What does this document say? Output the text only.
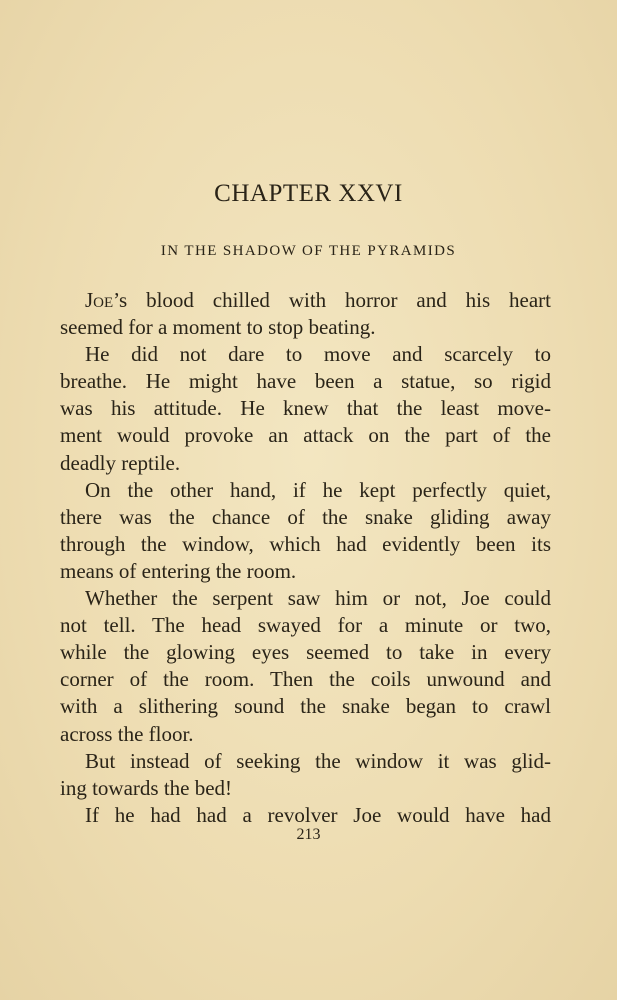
CHAPTER XXVI
IN THE SHADOW OF THE PYRAMIDS
Joe’s blood chilled with horror and his heart
seemed for a moment to stop beating.
He did not dare to move and scarcely to
breathe. He might have been a statue, so rigid
was his attitude. He knew that the least move-
ment would provoke an attack on the part of the
deadly reptile.
On the other hand, if he kept perfectly quiet,
there was the chance of the snake gliding away
through the window, which had evidently been its
means of entering the room.
Whether the serpent saw him or not, Joe could
not tell. The head swayed for a minute or two,
while the glowing eyes seemed to take in every
corner of the room. Then the coils unwound and
with a slithering sound the snake began to crawl
across the floor.
But instead of seeking the window it was glid-
ing towards the bed!
If he had had a revolver Joe would have had
213
